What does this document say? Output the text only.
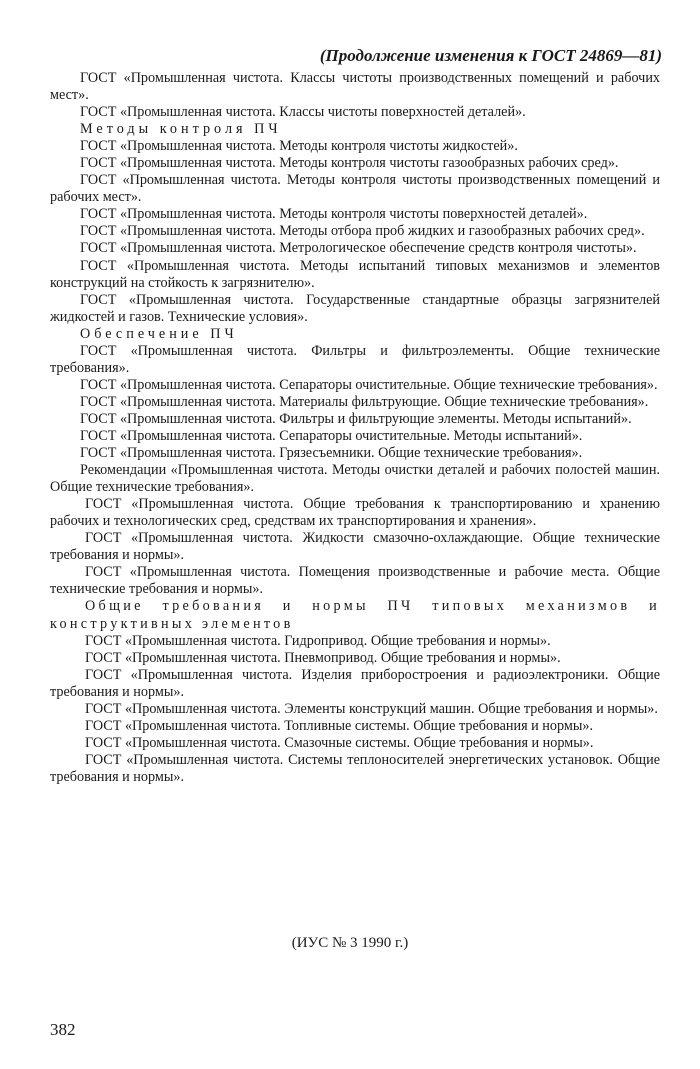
(Продолжение изменения к ГОСТ 24869—81)

ГОСТ «Промышленная чистота. Классы чистоты производственных помещений и рабочих мест».

ГОСТ «Промышленная чистота. Классы чистоты поверхностей деталей».

Методы контроля ПЧ

ГОСТ «Промышленная чистота. Методы контроля чистоты жидкостей».

ГОСТ «Промышленная чистота. Методы контроля чистоты газообразных рабочих сред».

ГОСТ «Промышленная чистота. Методы контроля чистоты производственных помещений и рабочих мест».

ГОСТ «Промышленная чистота. Методы контроля чистоты поверхностей деталей».

ГОСТ «Промышленная чистота. Методы отбора проб жидких и газообразных рабочих сред».

ГОСТ «Промышленная чистота. Метрологическое обеспечение средств контроля чистоты».

ГОСТ «Промышленная чистота. Методы испытаний типовых механизмов и элементов конструкций на стойкость к загрязнителю».

ГОСТ «Промышленная чистота. Государственные стандартные образцы загрязнителей жидкостей и газов. Технические условия».

Обеспечение ПЧ

ГОСТ «Промышленная чистота. Фильтры и фильтроэлементы. Общие технические требования».

ГОСТ «Промышленная чистота. Сепараторы очистительные. Общие технические требования».

ГОСТ «Промышленная чистота. Материалы фильтрующие. Общие технические требования».

ГОСТ «Промышленная чистота. Фильтры и фильтрующие элементы. Методы испытаний».

ГОСТ «Промышленная чистота. Сепараторы очистительные. Методы испытаний».

ГОСТ «Промышленная чистота. Грязесъемники. Общие технические требования».

Рекомендации «Промышленная чистота. Методы очистки деталей и рабочих полостей машин. Общие технические требования».

ГОСТ «Промышленная чистота. Общие требования к транспортированию и хранению рабочих и технологических сред, средствам их транспортирования и хранения».

ГОСТ «Промышленная чистота. Жидкости смазочно-охлаждающие. Общие технические требования и нормы».

ГОСТ «Промышленная чистота. Помещения производственные и рабочие места. Общие технические требования и нормы».

Общие требования и нормы ПЧ типовых механизмов и конструктивных элементов

ГОСТ «Промышленная чистота. Гидропривод. Общие требования и нормы».

ГОСТ «Промышленная чистота. Пневмопривод. Общие требования и нормы».

ГОСТ «Промышленная чистота. Изделия приборостроения и радиоэлектроники. Общие требования и нормы».

ГОСТ «Промышленная чистота. Элементы конструкций машин. Общие требования и нормы».

ГОСТ «Промышленная чистота. Топливные системы. Общие требования и нормы».

ГОСТ «Промышленная чистота. Смазочные системы. Общие требования и нормы».

ГОСТ «Промышленная чистота. Системы теплоносителей энергетических установок. Общие требования и нормы».

(ИУС № 3 1990 г.)
382
